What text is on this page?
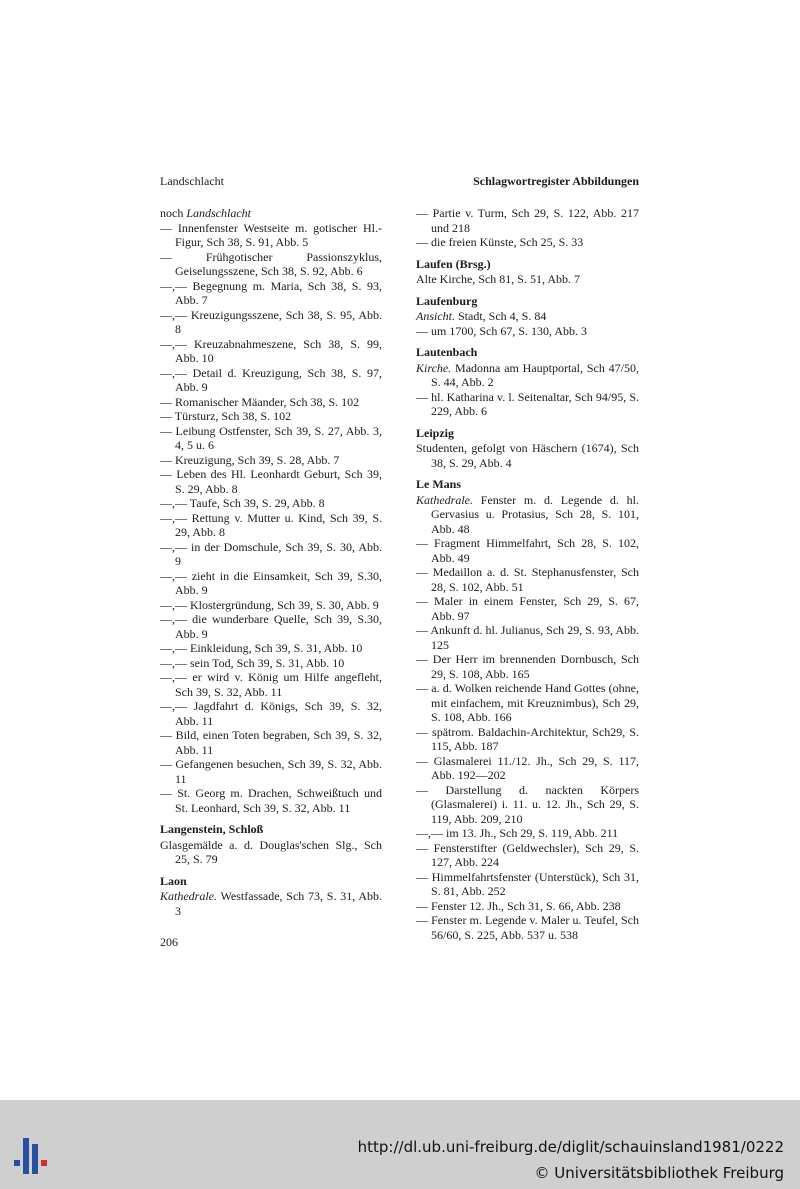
Landschlacht	Schlagwortregister Abbildungen
noch Landschlacht
— Innenfenster Westseite m. gotischer Hl.-Figur, Sch 38, S. 91, Abb. 5
— Frühgotischer Passionszyklus, Geiselungsszene, Sch 38, S. 92, Abb. 6
—,— Begegnung m. Maria, Sch 38, S. 93, Abb. 7
—,— Kreuzigungsszene, Sch 38, S. 95, Abb. 8
—,— Kreuzabnahmeszene, Sch 38, S. 99, Abb. 10
—,— Detail d. Kreuzigung, Sch 38, S. 97, Abb. 9
— Romanischer Mäander, Sch 38, S. 102
— Türsturz, Sch 38, S. 102
— Leibung Ostfenster, Sch 39, S. 27, Abb. 3, 4, 5 u. 6
— Kreuzigung, Sch 39, S. 28, Abb. 7
— Leben des Hl. Leonhardt Geburt, Sch 39, S. 29, Abb. 8
—,— Taufe, Sch 39, S. 29, Abb. 8
—,— Rettung v. Mutter u. Kind, Sch 39, S. 29, Abb. 8
—,— in der Domschule, Sch 39, S. 30, Abb. 9
—,— zieht in die Einsamkeit, Sch 39, S.30, Abb. 9
—,— Klostergründung, Sch 39, S. 30, Abb. 9
—,— die wunderbare Quelle, Sch 39, S.30, Abb. 9
—,— Einkleidung, Sch 39, S. 31, Abb. 10
—,— sein Tod, Sch 39, S. 31, Abb. 10
—,— er wird v. König um Hilfe angefleht, Sch 39, S. 32, Abb. 11
—,— Jagdfahrt d. Königs, Sch 39, S. 32, Abb. 11
— Bild, einen Toten begraben, Sch 39, S. 32, Abb. 11
— Gefangenen besuchen, Sch 39, S. 32, Abb. 11
— St. Georg m. Drachen, Schweißtuch und St. Leonhard, Sch 39, S. 32, Abb. 11
Langenstein, Schloß
Glasgemälde a. d. Douglas'schen Slg., Sch 25, S. 79
Laon
Kathedrale. Westfassade, Sch 73, S. 31, Abb. 3
— Partie v. Turm, Sch 29, S. 122, Abb. 217 und 218
— die freien Künste, Sch 25, S. 33
Laufen (Brsg.)
Alte Kirche, Sch 81, S. 51, Abb. 7
Laufenburg
Ansicht. Stadt, Sch 4, S. 84
— um 1700, Sch 67, S. 130, Abb. 3
Lautenbach
Kirche. Madonna am Hauptportal, Sch 47/50, S. 44, Abb. 2
— hl. Katharina v. l. Seitenaltar, Sch 94/95, S. 229, Abb. 6
Leipzig
Studenten, gefolgt von Häschern (1674), Sch 38, S. 29, Abb. 4
Le Mans
Kathedrale. Fenster m. d. Legende d. hl. Gervasius u. Protasius, Sch 28, S. 101, Abb. 48
— Fragment Himmelfahrt, Sch 28, S. 102, Abb. 49
— Medaillon a. d. St. Stephanusfenster, Sch 28, S. 102, Abb. 51
— Maler in einem Fenster, Sch 29, S. 67, Abb. 97
— Ankunft d. hl. Julianus, Sch 29, S. 93, Abb. 125
— Der Herr im brennenden Dornbusch, Sch 29, S. 108, Abb. 165
— a. d. Wolken reichende Hand Gottes (ohne, mit einfachem, mit Kreuznimbus), Sch 29, S. 108, Abb. 166
— spätrom. Baldachin-Architektur, Sch29, S. 115, Abb. 187
— Glasmalerei 11./12. Jh., Sch 29, S. 117, Abb. 192—202
— Darstellung d. nackten Körpers (Glasmalerei) i. 11. u. 12. Jh., Sch 29, S. 119, Abb. 209, 210
—,— im 13. Jh., Sch 29, S. 119, Abb. 211
— Fensterstifter (Geldwechsler), Sch 29, S. 127, Abb. 224
— Himmelfahrtsfenster (Unterstück), Sch 31, S. 81, Abb. 252
— Fenster 12. Jh., Sch 31, S. 66, Abb. 238
— Fenster m. Legende v. Maler u. Teufel, Sch 56/60, S. 225, Abb. 537 u. 538
206
http://dl.ub.uni-freiburg.de/diglit/schauinsland1981/0222
© Universitätsbibliothek Freiburg
